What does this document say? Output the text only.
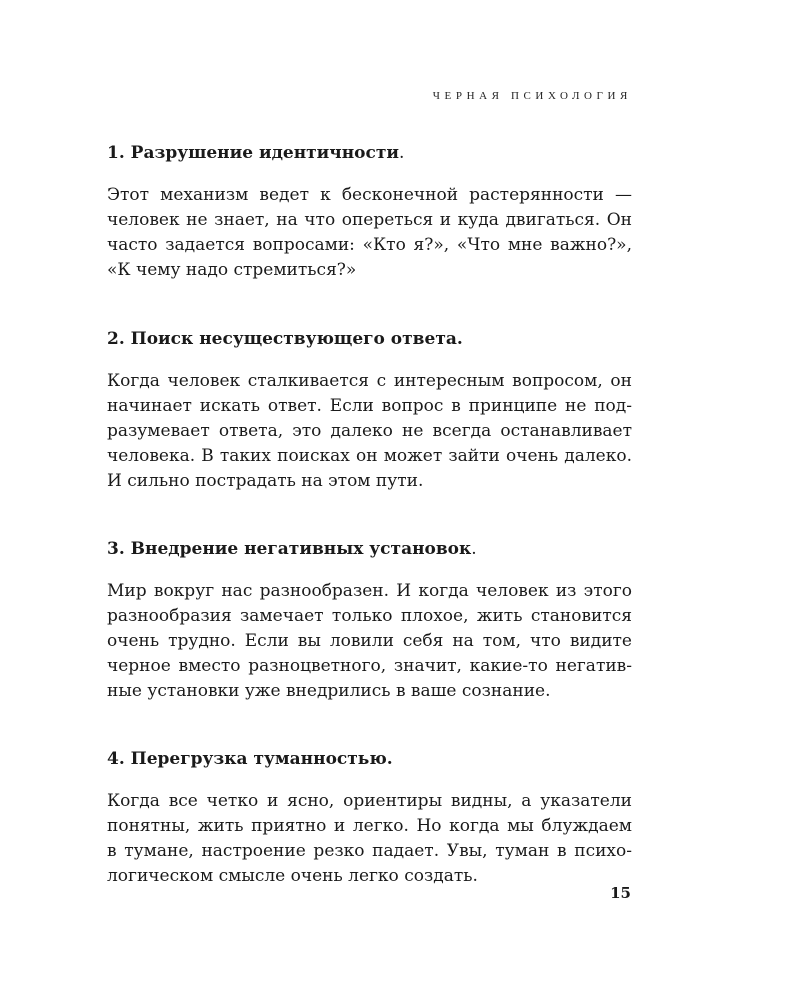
ЧЕРНАЯ ПСИХОЛОГИЯ

1. Разрушение идентичности.

Этот механизм ведет к бесконечной растерянности —
человек не знает, на что опереться и куда двигаться. Он
часто задается вопросами: «Кто я?», «Что мне важно?»,
«К чему надо стремиться?»

2. Поиск несуществующего ответа.

Когда человек сталкивается с интересным вопросом, он
начинает искать ответ. Если вопрос в принципе не под-
разумевает ответа, это далеко не всегда останавливает
человека. В таких поисках он может зайти очень далеко.
И сильно пострадать на этом пути.

3. Внедрение негативных установок.

Мир вокруг нас разнообразен. И когда человек из этого
разнообразия замечает только плохое, жить становится
очень трудно. Если вы ловили себя на том, что видите
черное вместо разноцветного, значит, какие-то негатив-
ные установки уже внедрились в ваше сознание.

4. Перегрузка туманностью.

Когда все четко и ясно, ориентиры видны, а указатели
понятны, жить приятно и легко. Но когда мы блуждаем
в тумане, настроение резко падает. Увы, туман в психо-
логическом смысле очень легко создать.

15
